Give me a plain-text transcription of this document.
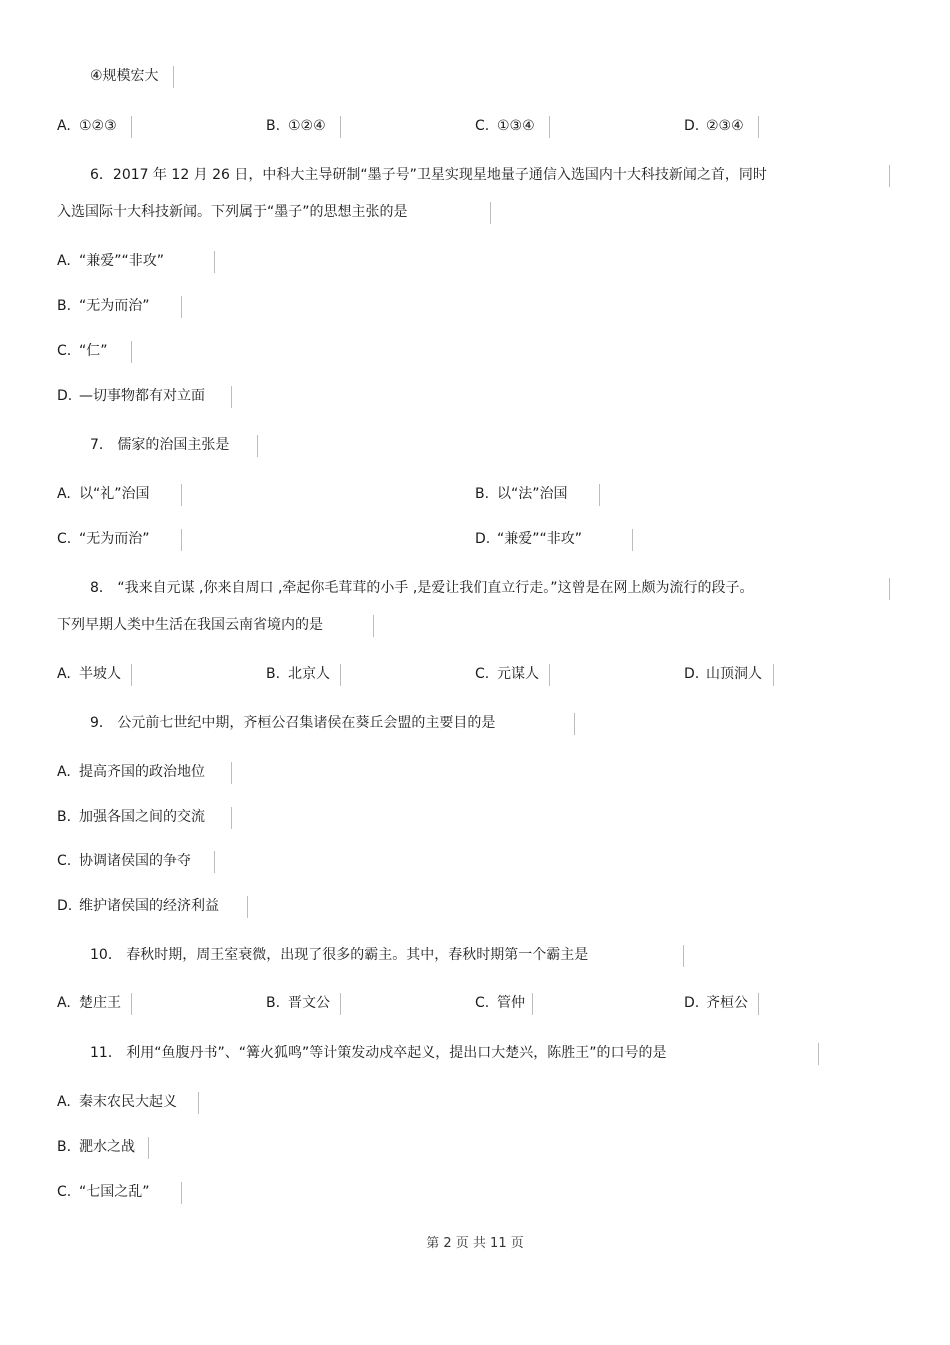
④规模宏大
A. ①②③	B. ①②④	C. ①③④	D. ②③④
6．2017 年 12 月 26 日，中科大主导研制“墨子号”卫星实现星地量子通信入选国内十大科技新闻之首，同时
入选国际十大科技新闻。下列属于“墨子”的思想主张的是
A. “兼爱”“非攻”
B. “无为而治”
C. “仁”
D. —切事物都有对立面
7． 儒家的治国主张是
A. 以“礼”治国	B. 以“法”治国
C. “无为而治”	D. “兼爱”“非攻”
8． “我来自元谋 ,你来自周口 ,牵起你毛茸茸的小手 ,是爱让我们直立行走。”这曾是在网上颇为流行的段子。
下列早期人类中生活在我国云南省境内的是
A. 半坡人	B. 北京人	C. 元谋人	D. 山顶洞人
9． 公元前七世纪中期，齐桓公召集诸侯在葵丘会盟的主要目的是
A. 提高齐国的政治地位
B. 加强各国之间的交流
C. 协调诸侯国的争夺
D. 维护诸侯国的经济利益
10． 春秋时期，周王室衰微，出现了很多的霸主。其中，春秋时期第一个霸主是
A. 楚庄王	B. 晋文公	C. 管仲	D. 齐桓公
11． 利用“鱼腹丹书”、“篝火狐鸣”等计策发动戍卒起义，提出口大楚兴，陈胜王”的口号的是
A. 秦末农民大起义
B. 淝水之战
C. “七国之乱”
第 2 页 共 11 页
